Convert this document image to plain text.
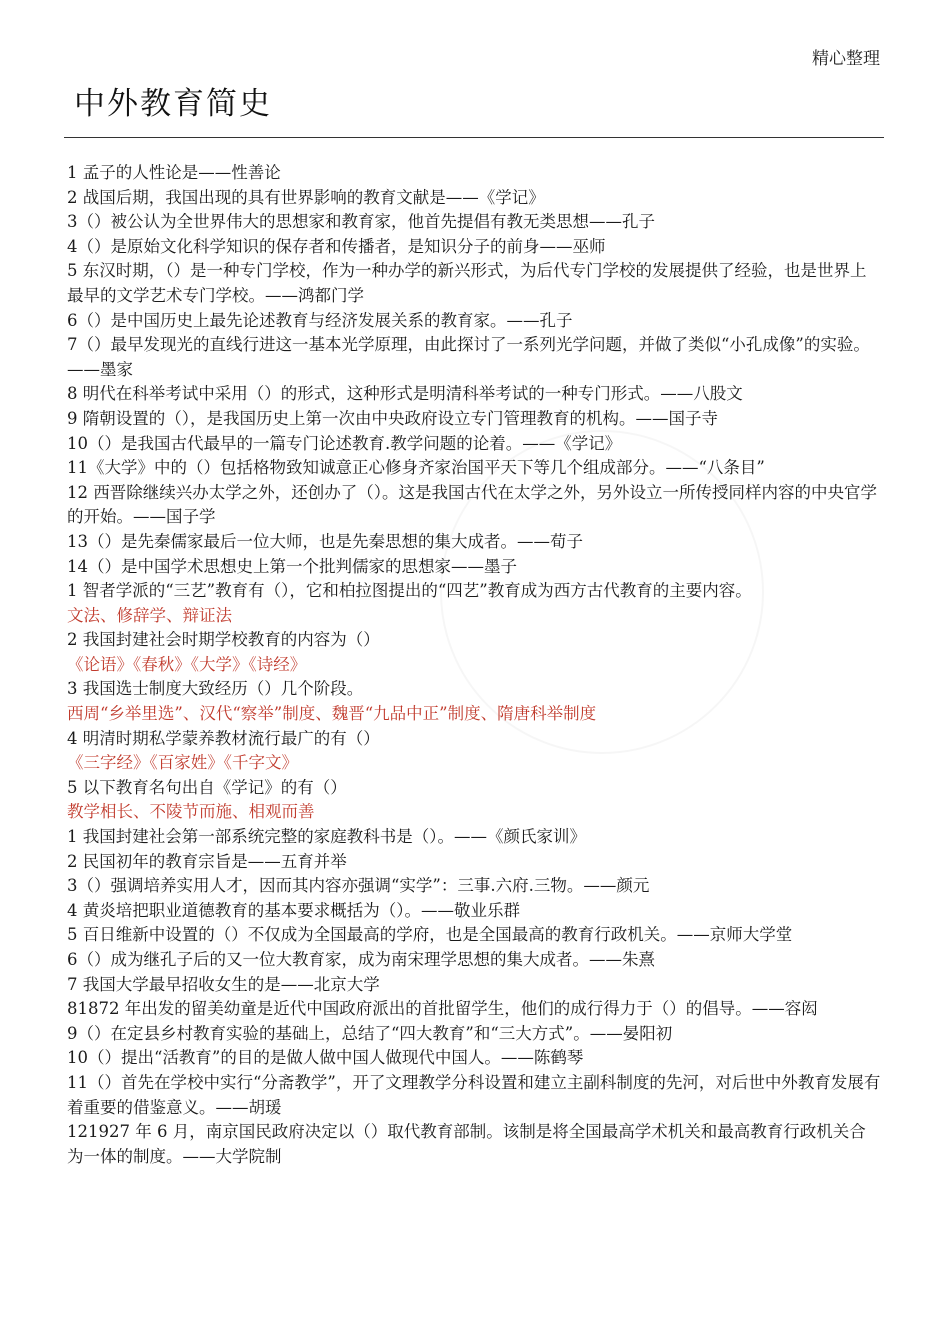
精心整理
中外教育简史
1 孟子的人性论是——性善论
2 战国后期，我国出现的具有世界影响的教育文献是——《学记》
3（）被公认为全世界伟大的思想家和教育家，他首先提倡有教无类思想——孔子
4（）是原始文化科学知识的保存者和传播者，是知识分子的前身——巫师
5 东汉时期，（）是一种专门学校，作为一种办学的新兴形式，为后代专门学校的发展提供了经验，也是世界上最早的文学艺术专门学校。——鸿都门学
6（）是中国历史上最先论述教育与经济发展关系的教育家。——孔子
7（）最早发现光的直线行进这一基本光学原理，由此探讨了一系列光学问题，并做了类似“小孔成像”的实验。——墨家
8 明代在科举考试中采用（）的形式，这种形式是明清科举考试的一种专门形式。——八股文
9 隋朝设置的（），是我国历史上第一次由中央政府设立专门管理教育的机构。——国子寺
10（）是我国古代最早的一篇专门论述教育.教学问题的论着。——《学记》
11《大学》中的（）包括格物致知诚意正心修身齐家治国平天下等几个组成部分。——“八条目”
12 西晋除继续兴办太学之外，还创办了（）。这是我国古代在太学之外，另外设立一所传授同样内容的中央官学的开始。——国子学
13（）是先秦儒家最后一位大师，也是先秦思想的集大成者。——荀子
14（）是中国学术思想史上第一个批判儒家的思想家——墨子
1 智者学派的“三艺”教育有（），它和柏拉图提出的“四艺”教育成为西方古代教育的主要内容。
文法、修辞学、辩证法
2 我国封建社会时期学校教育的内容为（）
《论语》《春秋》《大学》《诗经》
3 我国选士制度大致经历（）几个阶段。
西周“乡举里选”、汉代“察举”制度、魏晋“九品中正”制度、隋唐科举制度
4 明清时期私学蒙养教材流行最广的有（）
《三字经》《百家姓》《千字文》
5 以下教育名句出自《学记》的有（）
教学相长、不陵节而施、相观而善
1 我国封建社会第一部系统完整的家庭教科书是（）。——《颜氏家训》
2 民国初年的教育宗旨是——五育并举
3（）强调培养实用人才，因而其内容亦强调“实学”：三事.六府.三物。——颜元
4 黄炎培把职业道德教育的基本要求概括为（）。——敬业乐群
5 百日维新中设置的（）不仅成为全国最高的学府，也是全国最高的教育行政机关。——京师大学堂
6（）成为继孔子后的又一位大教育家，成为南宋理学思想的集大成者。——朱熹
7 我国大学最早招收女生的是——北京大学
81872 年出发的留美幼童是近代中国政府派出的首批留学生，他们的成行得力于（）的倡导。——容闳
9（）在定县乡村教育实验的基础上，总结了“四大教育”和“三大方式”。——晏阳初
10（）提出“活教育”的目的是做人做中国人做现代中国人。——陈鹤琴
11（）首先在学校中实行“分斋教学”，开了文理教学分科设置和建立主副科制度的先河，对后世中外教育发展有着重要的借鉴意义。——胡瑗
121927 年 6 月，南京国民政府决定以（）取代教育部制。该制是将全国最高学术机关和最高教育行政机关合为一体的制度。——大学院制
